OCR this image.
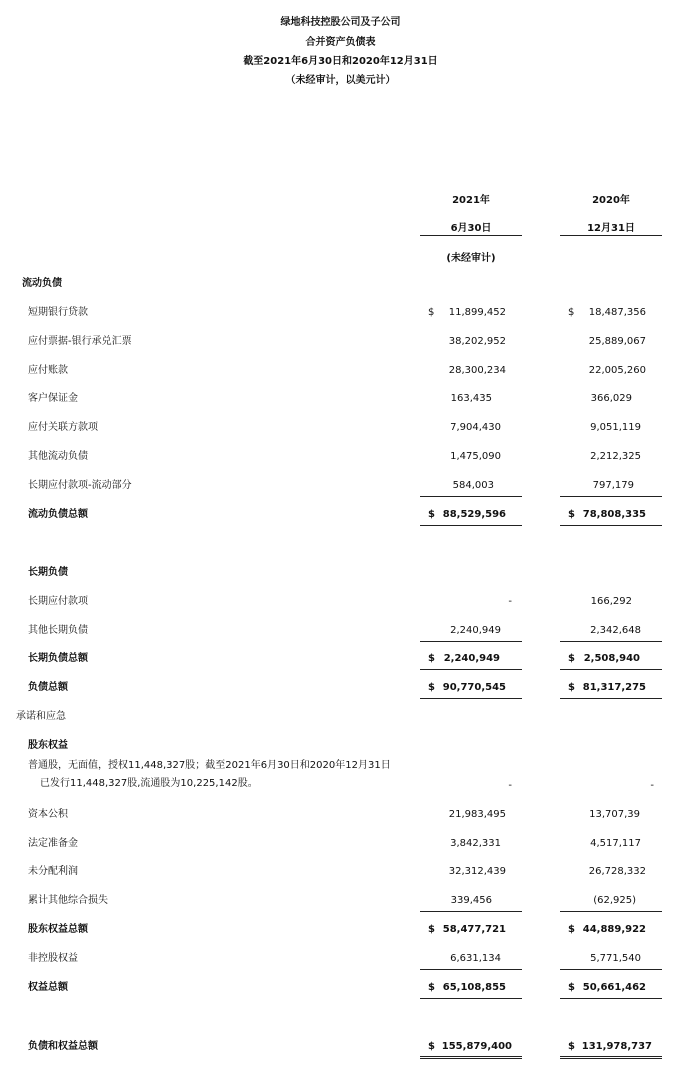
绿地科技控股公司及子公司
合并资产负债表
截至2021年6月30日和2020年12月31日
（未经审计，以美元计）
2021年
6月30日
(未经审计)
2020年
12月31日
流动负债
短期银行贷款	$	11,899,452	$	18,487,356
应付票据-银行承兑汇票	38,202,952	25,889,067
应付账款	28,300,234	22,005,260
客户保证金	163,435	366,029
应付关联方款项	7,904,430	9,051,119
其他流动负债	1,475,090	2,212,325
长期应付款项-流动部分	584,003	797,179
流动负债总额	$ 88,529,596	$ 78,808,335
长期负债
长期应付款项	-	166,292
其他长期负债	2,240,949	2,342,648
长期负债总额	$ 2,240,949	$ 2,508,940
负债总额	$ 90,770,545	$ 81,317,275
承诺和应急
股东权益
普通股，无面值，授权11,448,327股；截至2021年6月30日和2020年12月31日
已发行11,448,327股,流通股为10,225,142股。	-	-
资本公积	21,983,495	13,707,39
法定准备金	3,842,331	4,517,117
未分配利润	32,312,439	26,728,332
累计其他综合损失	339,456	(62,925)
股东权益总额	$ 58,477,721	$ 44,889,922
非控股权益	6,631,134	5,771,540
权益总额	$ 65,108,855	$ 50,661,462
负债和权益总额	$ 155,879,400	$ 131,978,737
